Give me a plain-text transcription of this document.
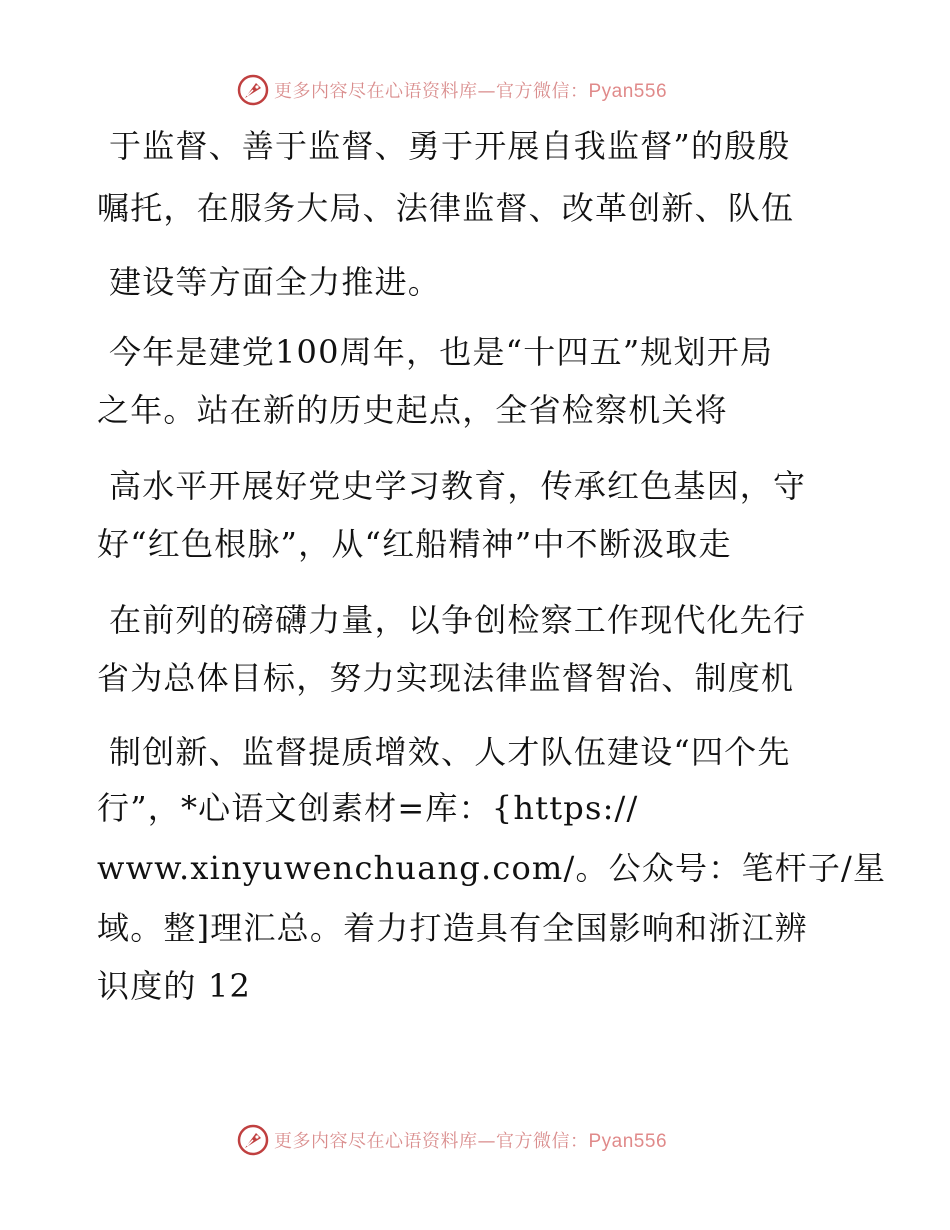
更多内容尽在心语资料库—官方微信：Pyan556
于监督、善于监督、勇于开展自我监督”的殷殷
嘱托，在服务大局、法律监督、改革创新、队伍
建设等方面全力推进。
今年是建党100周年，也是“十四五”规划开局
之年。站在新的历史起点，全省检察机关将
高水平开展好党史学习教育，传承红色基因，守
好“红色根脉”，从“红船精神”中不断汲取走
在前列的磅礴力量，以争创检察工作现代化先行
省为总体目标，努力实现法律监督智治、制度机
制创新、监督提质增效、人才队伍建设“四个先
行”，*心语文创素材=库：{https://
www.xinyuwenchuang.com/。公众号：笔杆子/星
域。整]理汇总。着力打造具有全国影响和浙江辨
识度的 12
更多内容尽在心语资料库—官方微信：Pyan556
